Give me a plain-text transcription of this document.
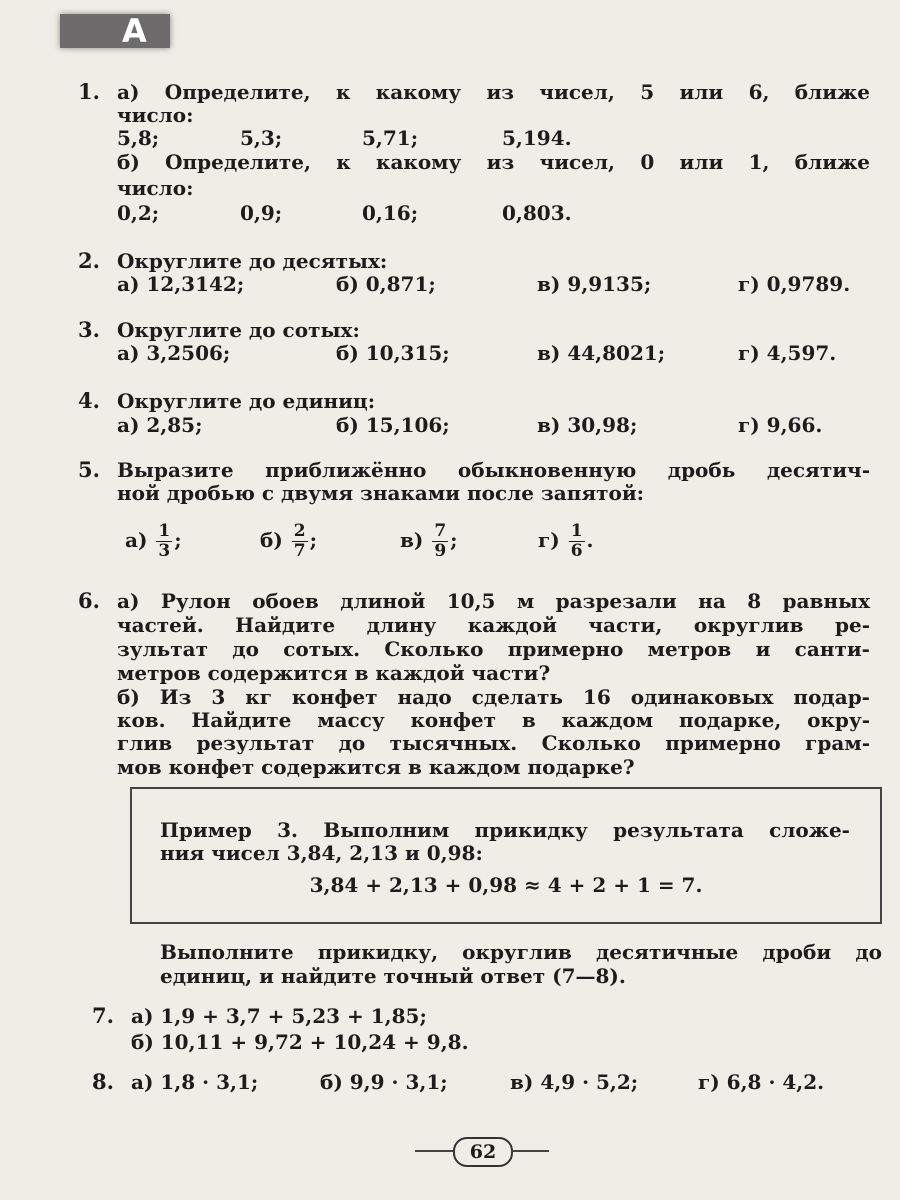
А
1. а) Определите, к какому из чисел, 5 или 6, ближе
число:
5,8;	5,3;	5,71;	5,194.
б) Определите, к какому из чисел, 0 или 1, ближе
число:
0,2;	0,9;	0,16;	0,803.
2. Округлите до десятых:
а) 12,3142;	б) 0,871;	в) 9,9135;	г) 0,9789.
3. Округлите до сотых:
а) 3,2506;	б) 10,315;	в) 44,8021;	г) 4,597.
4. Округлите до единиц:
а) 2,85;	б) 15,106;	в) 30,98;	г) 9,66.
5. Выразите приближённо обыкновенную дробь десятич-
ной дробью с двумя знаками после запятой:
$а) \frac{1}{3}$ ;	$б) \frac{2}{7}$ ;	$в) \frac{7}{9}$ ;	$г) \frac{1}{6}$ .
6. а) Рулон обоев длиной 10,5 м разрезали на 8 равных
частей. Найдите длину каждой части, округлив ре-
зультат до сотых. Сколько примерно метров и санти-
метров содержится в каждой части?
б) Из 3 кг конфет надо сделать 16 одинаковых подар-
ков. Найдите массу конфет в каждом подарке, окру-
глив результат до тысячных. Сколько примерно грам-
мов конфет содержится в каждом подарке?
Пример 3. Выполним прикидку результата сложе-
ния чисел 3,84, 2,13 и 0,98:
3,84 + 2,13 + 0,98 ≈ 4 + 2 + 1 = 7.
Выполните прикидку, округлив десятичные дроби до
единиц, и найдите точный ответ (7—8).
7. а) 1,9 + 3,7 + 5,23 + 1,85;
б) 10,11 + 9,72 + 10,24 + 9,8.
8. а) 1,8 · 3,1;	б) 9,9 · 3,1;	в) 4,9 · 5,2;	г) 6,8 · 4,2.
62
